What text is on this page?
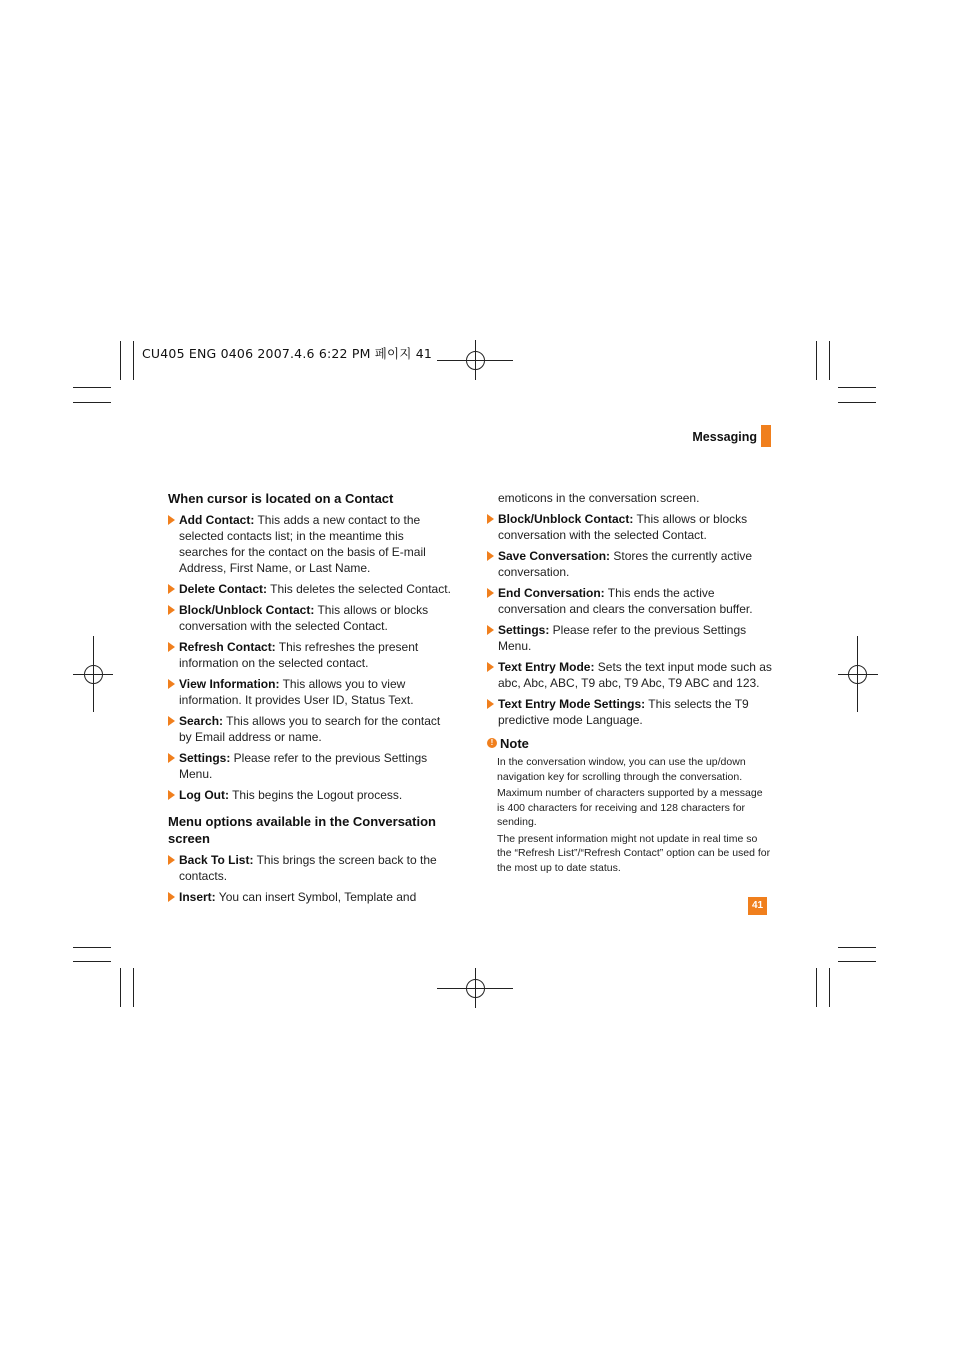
CU405 ENG 0406 2007.4.6 6:22 PM 페이지 41
Messaging
When cursor is located on a Contact
Add Contact: This adds a new contact to the selected contacts list; in the meantime this searches for the contact on the basis of E-mail Address, First Name, or Last Name.
Delete Contact: This deletes the selected Contact.
Block/Unblock Contact: This allows or blocks conversation with the selected Contact.
Refresh Contact: This refreshes the present information on the selected contact.
View Information: This allows you to view information. It provides User ID, Status Text.
Search: This allows you to search for the contact by Email address or name.
Settings: Please refer to the previous Settings Menu.
Log Out: This begins the Logout process.
Menu options available in the Conversation screen
Back To List: This brings the screen back to the contacts.
Insert: You can insert Symbol, Template and
emoticons in the conversation screen.
Block/Unblock Contact: This allows or blocks conversation with the selected Contact.
Save Conversation: Stores the currently active conversation.
End Conversation: This ends the active conversation and clears the conversation buffer.
Settings: Please refer to the previous Settings Menu.
Text Entry Mode: Sets the text input mode such as abc, Abc, ABC, T9 abc, T9 Abc, T9 ABC and 123.
Text Entry Mode Settings: This selects the T9 predictive mode Language.
! Note
In the conversation window, you can use the up/down navigation key for scrolling through the conversation.
Maximum number of characters supported by a message is 400 characters for receiving and 128 characters for sending.
The present information might not update in real time so the “Refresh List”/“Refresh Contact” option can be used for the most up to date status.
41
